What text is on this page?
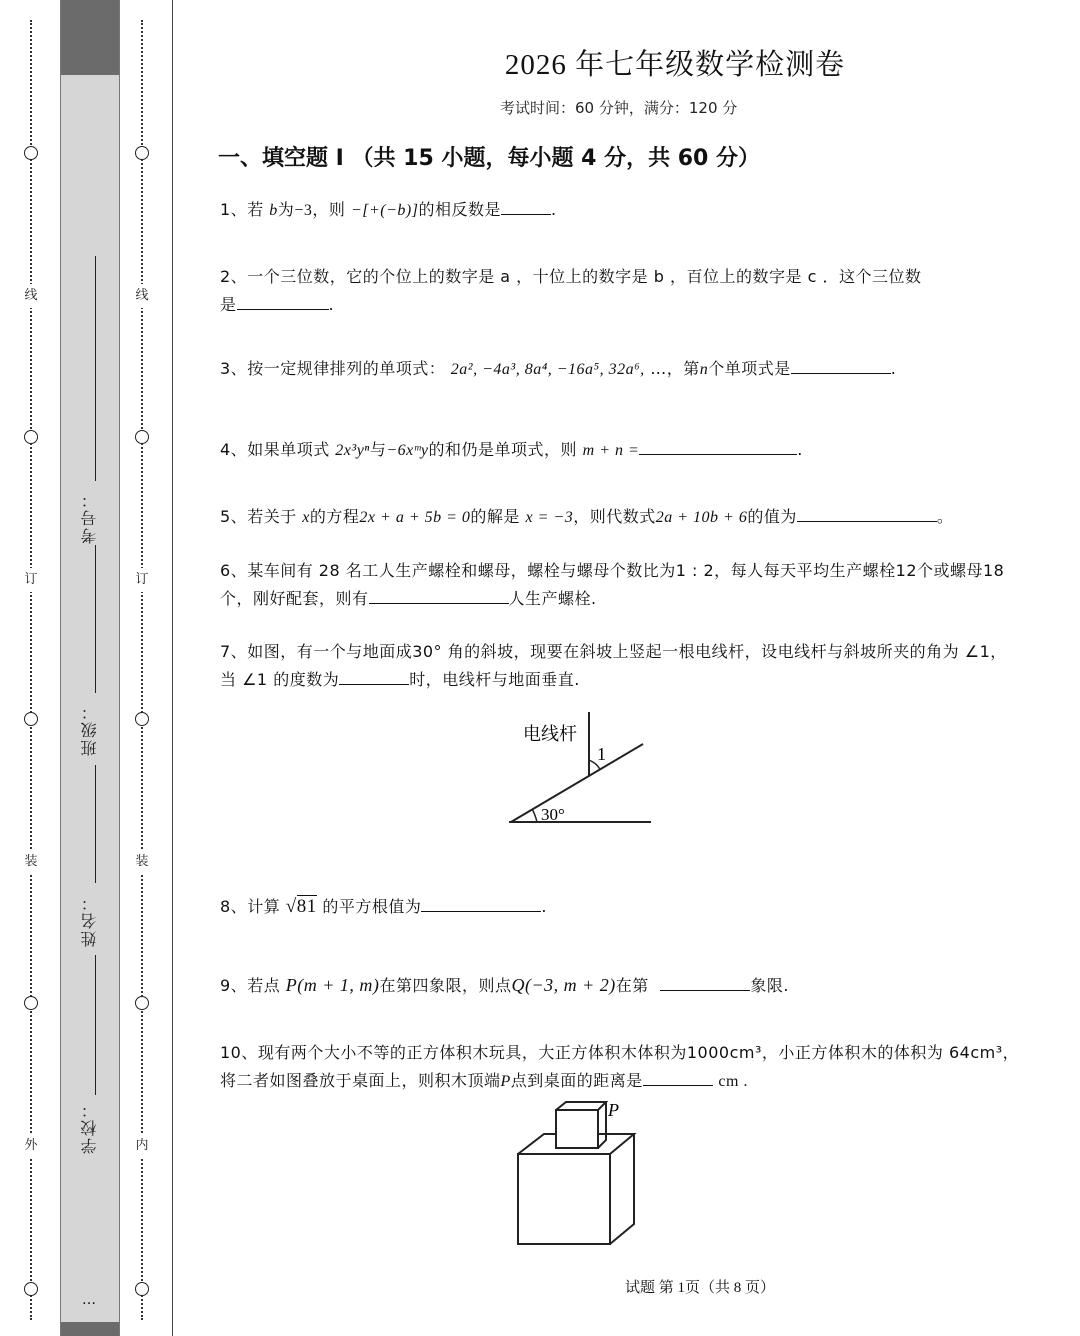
线
订
装
外
线
订
装
内
考号：
班级：
姓名：
学校：
…
2026 年七年级数学检测卷
考试时间：60 分钟，满分：120 分
一、填空题 I （共 15 小题，每小题 4 分，共 60 分）
1、若 b为−3，则 −[+(−b)]的相反数是	.
2、一个三位数，它的个位上的数字是 a ，十位上的数字是 b ，百位上的数字是 c ．这个三位数
是	.
3、按一定规律排列的单项式： 2a², −4a³, 8a⁴, −16a⁵, 32a⁶, …，第n个单项式是	.
4、如果单项式 2x³yⁿ与−6xᵐy的和仍是单项式，则 m + n =	.
5、若关于 x的方程2x + a + 5b = 0的解是 x = −3，则代数式2a + 10b + 6的值为	。
6、某车间有 28 名工人生产螺栓和螺母，螺栓与螺母个数比为1 : 2，每人每天平均生产螺栓12个或螺母18
个，刚好配套，则有	人生产螺栓.
7、如图，有一个与地面成30° 角的斜坡，现要在斜坡上竖起一根电线杆，设电线杆与斜坡所夹的角为 ∠1，
当 ∠1 的度数为	时，电线杆与地面垂直.
电线杆
1
30°
8、计算 √81 的平方根值为	.
9、若点 P(m + 1, m)在第四象限，则点Q(−3, m + 2)在第	象限.
10、现有两个大小不等的正方体积木玩具，大正方体积木体积为1000cm³，小正方体积木的体积为 64cm³，
将二者如图叠放于桌面上，则积木顶端P点到桌面的距离是	cm .
P
试题 第 1页（共 8 页）
